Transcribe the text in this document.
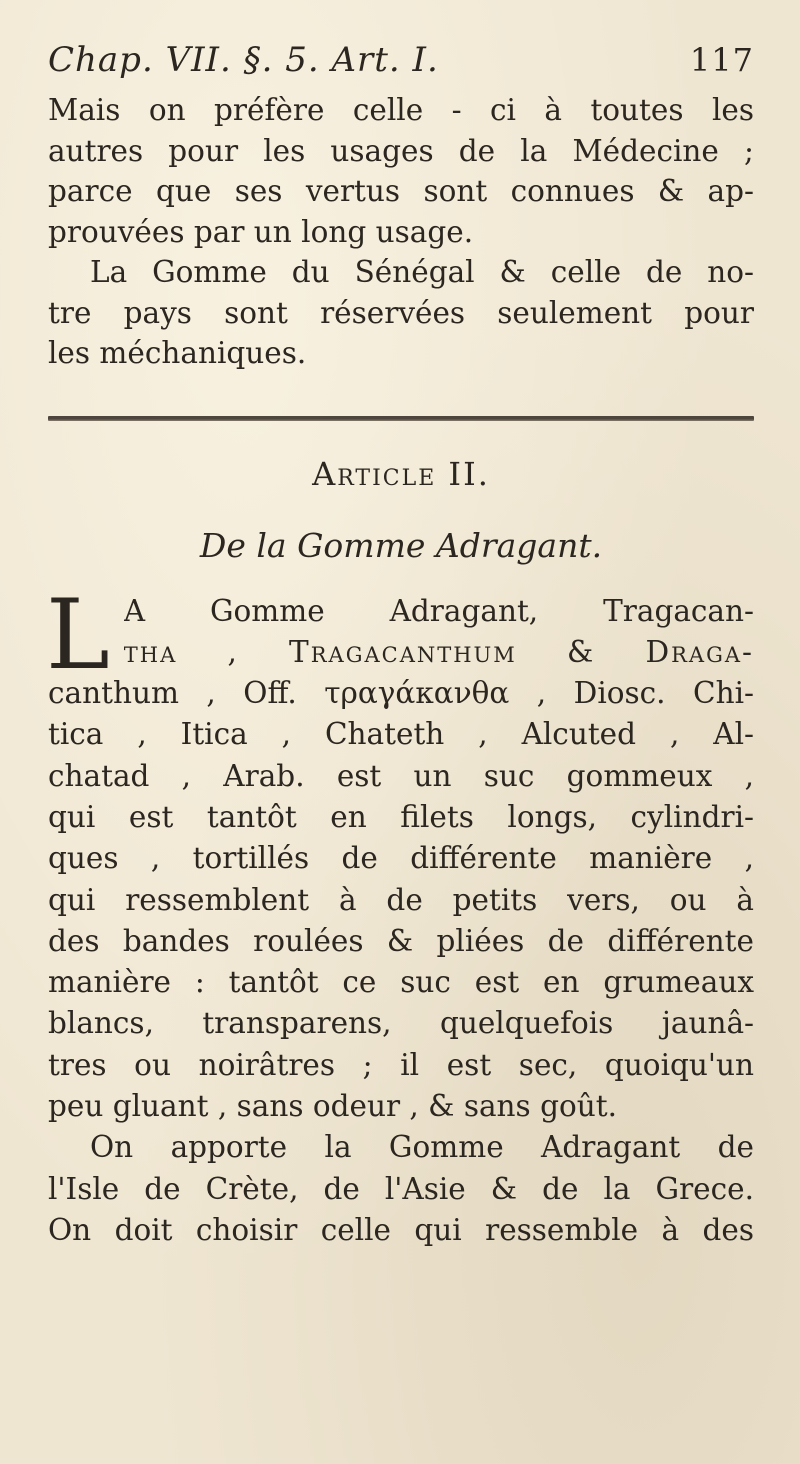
Chap. VII. §. 5. Art. I.	117
Mais on préfère celle - ci à toutes les
autres pour les usages de la Médecine ;
parce que ses vertus sont connues & ap-
prouvées par un long usage.
La Gomme du Sénégal & celle de no-
tre pays sont réservées seulement pour
les méchaniques.
Article II.
De la Gomme Adragant.
L A Gomme Adragant, Tragacan-
tha , Tragacanthum & Draga-
canthum , Off. τραγάκανθα , Diosc. Chi-
tica , Itica , Chateth , Alcuted , Al-
chatad , Arab. est un suc gommeux ,
qui est tantôt en filets longs, cylindri-
ques , tortillés de différente manière ,
qui ressemblent à de petits vers, ou à
des bandes roulées & pliées de différente
manière : tantôt ce suc est en grumeaux
blancs, transparens, quelquefois jaunâ-
tres ou noirâtres ; il est sec, quoiqu'un
peu gluant , sans odeur , & sans goût.
On apporte la Gomme Adragant de
l'Isle de Crète, de l'Asie & de la Grece.
On doit choisir celle qui ressemble à des
